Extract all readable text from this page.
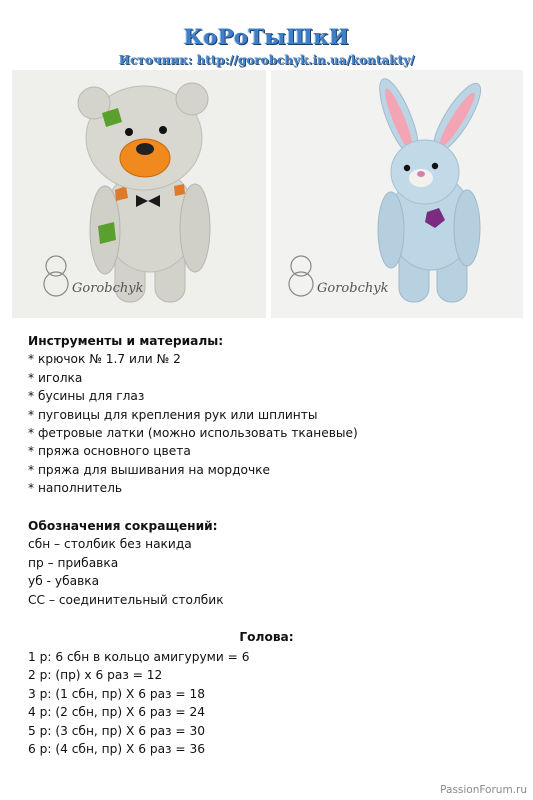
КоРоТыШкИ
Источник: http://gorobchyk.in.ua/kontakty/
Gorobchyk	Gorobchyk
Инструменты и материалы:
* крючок № 1.7 или № 2
* иголка
* бусины для глаз
* пуговицы для крепления рук или шплинты
* фетровые латки (можно использовать тканевые)
* пряжа основного цвета
* пряжа для вышивания на мордочке
* наполнитель
Обозначения сокращений:
сбн – столбик без накида
пр – прибавка
уб - убавка
СС – соединительный столбик
Голова:
1 р: 6 сбн в кольцо амигуруми = 6
2 р: (пр) х 6 раз = 12
3 р: (1 сбн, пр) Х 6 раз = 18
4 р: (2 сбн, пр) Х 6 раз = 24
5 р: (3 сбн, пр) Х 6 раз = 30
6 р: (4 сбн, пр) Х 6 раз = 36
PassionForum.ru
